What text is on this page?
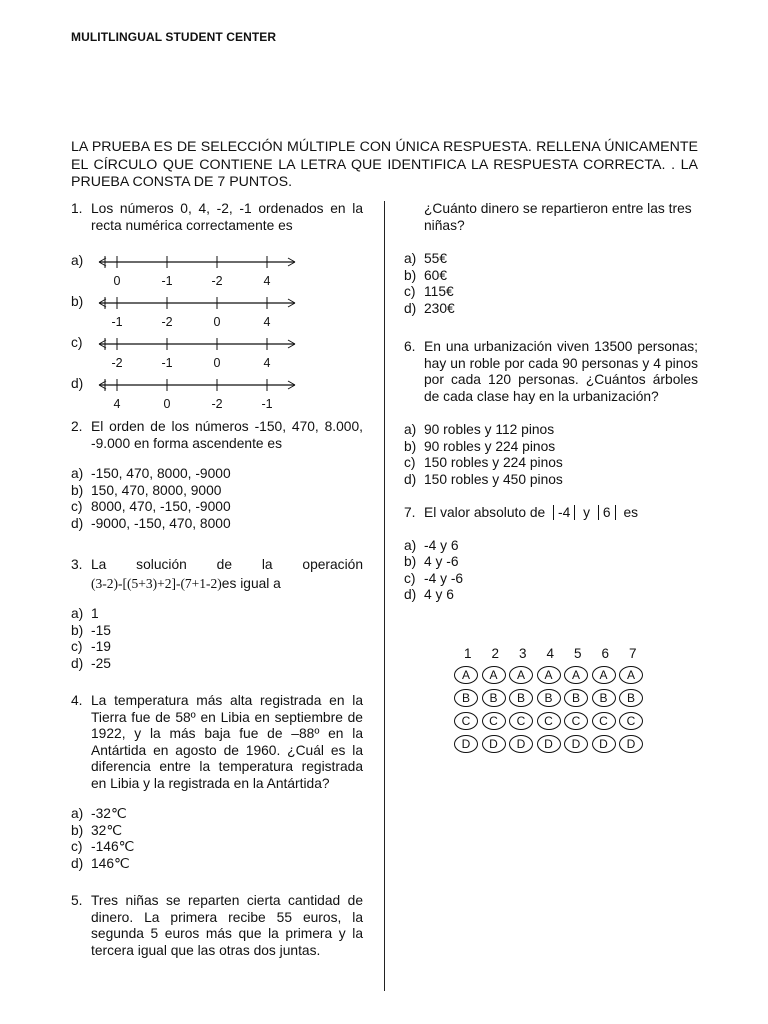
MULITLINGUAL STUDENT CENTER
LA PRUEBA ES DE SELECCIÓN MÚLTIPLE CON ÚNICA RESPUESTA. RELLENA ÚNICAMENTE EL CÍRCULO QUE CONTIENE LA LETRA QUE IDENTIFICA LA RESPUESTA CORRECTA. . LA PRUEBA CONSTA DE 7 PUNTOS.
1. Los números 0, 4, -2, -1 ordenados en la recta numérica correctamente es
a)
0	-1	-2	4
b)
-1	-2	0	4
c)
-2	-1	0	4
d)
4	0	-2	-1
2. El orden de los números -150, 470, 8.000, -9.000 en forma ascendente es
a) -150, 470, 8000, -9000
b) 150, 470, 8000, 9000
c) 8000, 470, -150, -9000
d) -9000, -150, 470, 8000
3. La solución de la operación
(3-2)-[(5+3)+2]-(7+1-2)es igual a
a) 1
b) -15
c) -19
d) -25
4. La temperatura más alta registrada en la Tierra fue de 58º en Libia en septiembre de 1922, y la más baja fue de –88º en la Antártida en agosto de 1960. ¿Cuál es la diferencia entre la temperatura registrada en Libia y la registrada en la Antártida?
a) -32℃
b) 32℃
c) -146℃
d) 146℃
5. Tres niñas se reparten cierta cantidad de dinero. La primera recibe 55 euros, la segunda 5 euros más que la primera y la tercera igual que las otras dos juntas.
¿Cuánto dinero se repartieron entre las tres niñas?
a) 55€
b) 60€
c) 115€
d) 230€
6. En una urbanización viven 13500 personas; hay un roble por cada 90 personas y 4 pinos por cada 120 personas. ¿Cuántos árboles de cada clase hay en la urbanización?
a) 90 robles y 112 pinos
b) 90 robles y 224 pinos
c) 150 robles y 224 pinos
d) 150 robles y 450 pinos
7. El valor absoluto de -4 y 6 es
a) -4 y 6
b) 4 y -6
c) -4 y -6
d) 4 y 6
1	2	3	4	5	6	7
A	A	A	A	A	A	A
B	B	B	B	B	B	B
C	C	C	C	C	C	C
D	D	D	D	D	D	D
